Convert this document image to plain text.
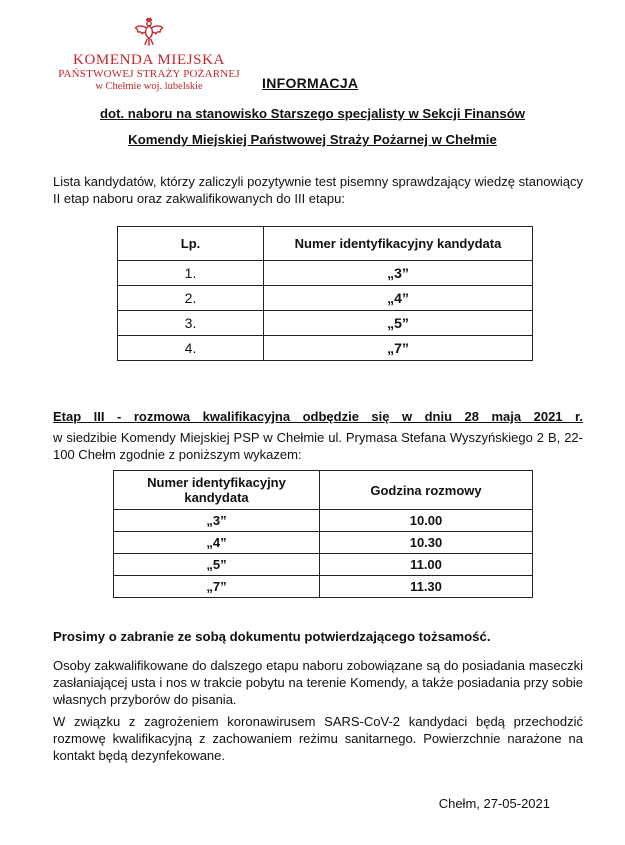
KOMENDA MIEJSKA
PAŃSTWOWEJ STRAŻY POŻARNEJ
w Chełmie woj. lubelskie	INFORMACJA
dot. naboru na stanowisko Starszego specjalisty w Sekcji Finansów
Komendy Miejskiej Państwowej Straży Pożarnej w Chełmie
Lista kandydatów, którzy zaliczyli pozytywnie test pisemny sprawdzający wiedzę stanowiący II etap naboru oraz zakwalifikowanych do III etapu:
Lp.	Numer identyfikacyjny kandydata
1.	„3”
2.	„4”
3.	„5”
4.	„7”
Etap III - rozmowa kwalifikacyjna odbędzie się w dniu 28 maja 2021 r.
w siedzibie Komendy Miejskiej PSP w Chełmie ul. Prymasa Stefana Wyszyńskiego 2 B, 22-100 Chełm zgodnie z poniższym wykazem:
Numer identyfikacyjny kandydata	Godzina rozmowy
„3”	10.00
„4”	10.30
„5”	11.00
„7”	11.30
Prosimy o zabranie ze sobą dokumentu potwierdzającego tożsamość.
Osoby zakwalifikowane do dalszego etapu naboru zobowiązane są do posiadania maseczki zasłaniającej usta i nos w trakcie pobytu na terenie Komendy, a także posiadania przy sobie własnych przyborów do pisania.
W związku z zagrożeniem koronawirusem SARS-CoV-2 kandydaci będą przechodzić rozmowę kwalifikacyjną z zachowaniem reżimu sanitarnego. Powierzchnie narażone na kontakt będą dezynfekowane.
Chełm, 27-05-2021
